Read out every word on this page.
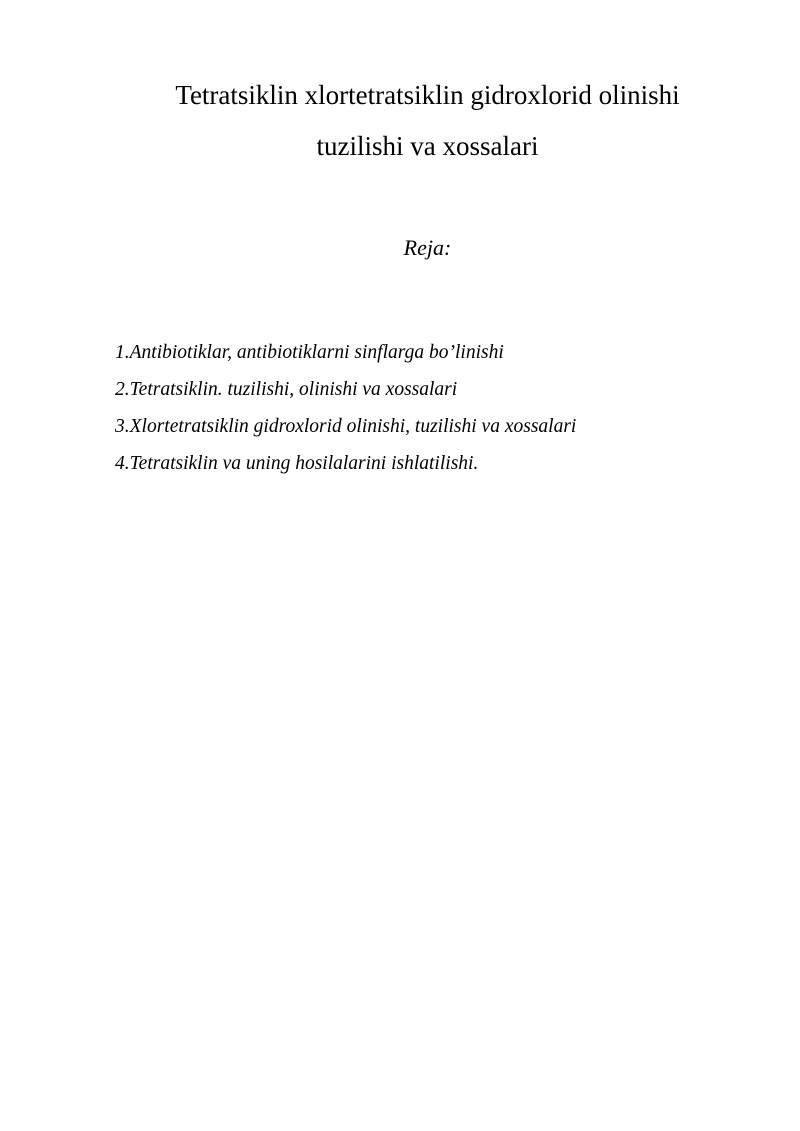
Tetratsiklin xlortetratsiklin gidroxlorid olinishi
tuzilishi va xossalari
Reja:
1.Antibiotiklar, antibiotiklarni sinflarga bo’linishi
2.Tetratsiklin. tuzilishi, olinishi va xossalari
3.Xlortetratsiklin gidroxlorid olinishi, tuzilishi va xossalari
4.Tetratsiklin va uning hosilalarini ishlatilishi.
